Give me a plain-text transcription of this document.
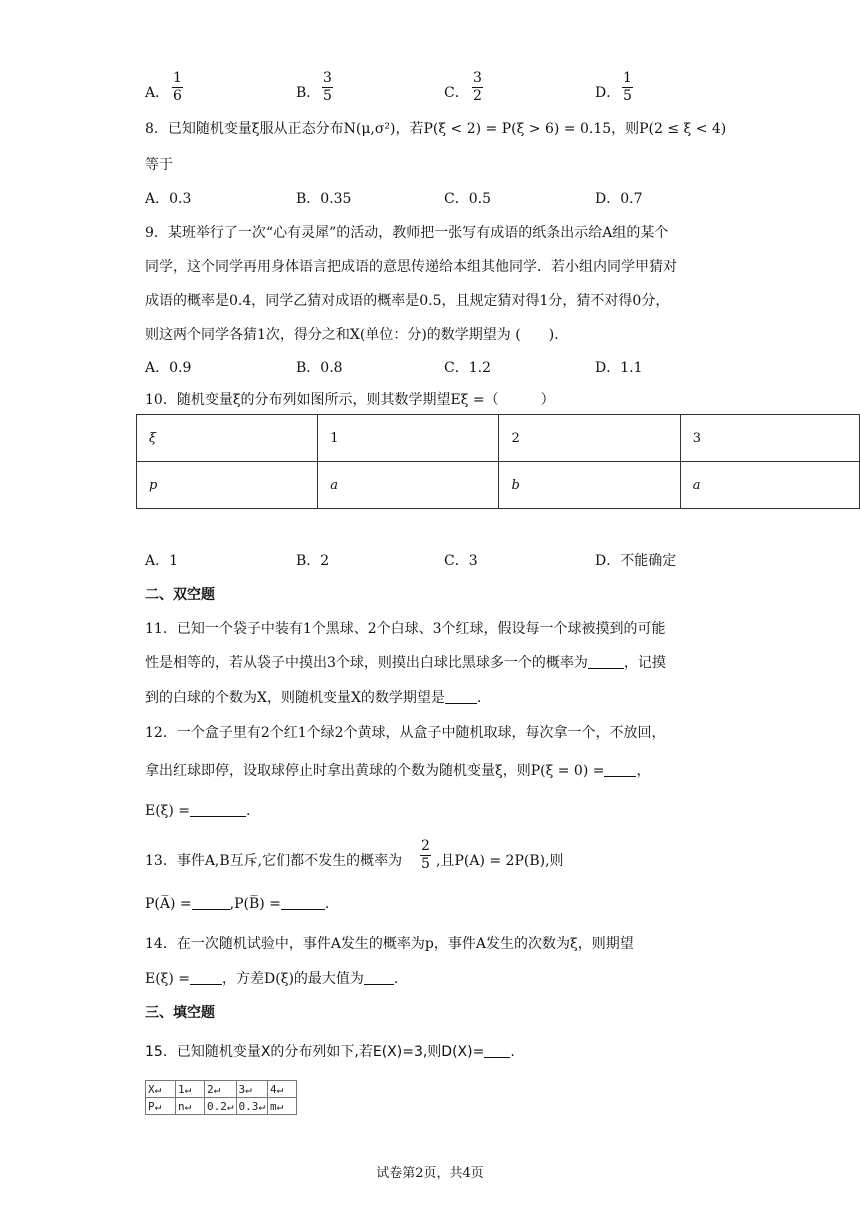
A．
1
6	B．
3
5	C．
3
2	D．
1
5
8．已知随机变量ξ服从正态分布N(μ,σ²)，若P(ξ < 2) = P(ξ > 6) = 0.15，则P(2 ≤ ξ < 4)
等于
A．0.3	B．0.35	C．0.5	D．0.7
9．某班举行了一次“心有灵犀”的活动，教师把一张写有成语的纸条出示给A组的某个
同学，这个同学再用身体语言把成语的意思传递给本组其他同学．若小组内同学甲猜对
成语的概率是0.4，同学乙猜对成语的概率是0.5，且规定猜对得1分，猜不对得0分，
则这两个同学各猜1次，得分之和X(单位：分)的数学期望为 (　　).
A．0.9	B．0.8	C．1.2	D．1.1
10．随机变量ξ的分布列如图所示，则其数学期望Eξ =（　　　）
ξ	1	2	3
p	a	b	a
A．1	B．2	C．3	D．不能确定
二、双空题
11．已知一个袋子中装有1个黑球、2个白球、3个红球，假设每一个球被摸到的可能
性是相等的，若从袋子中摸出3个球，则摸出白球比黑球多一个的概率为	，记摸
到的白球的个数为X，则随机变量X的数学期望是 .
12．一个盒子里有2个红1个绿2个黄球，从盒子中随机取球，每次拿一个，不放回，
拿出红球即停，设取球停止时拿出黄球的个数为随机变量ξ，则P(ξ = 0) = ，
E(ξ) =	.
13．事件A,B互斥,它们都不发生的概率为
2
5 ,且P(A) = 2P(B),则
P(A̅) =	,P(B̅) =	.
14．在一次随机试验中，事件A发生的概率为p，事件A发生的次数为ξ，则期望
E(ξ) = ，方差D(ξ)的最大值为 .
三、填空题
15．已知随机变量X的分布列如下,若E(X)=3,则D(X)= .
X↵	1↵	2↵	3↵	4↵
P↵	n↵	0.2↵	0.3↵	m↵
试卷第2页，共4页
